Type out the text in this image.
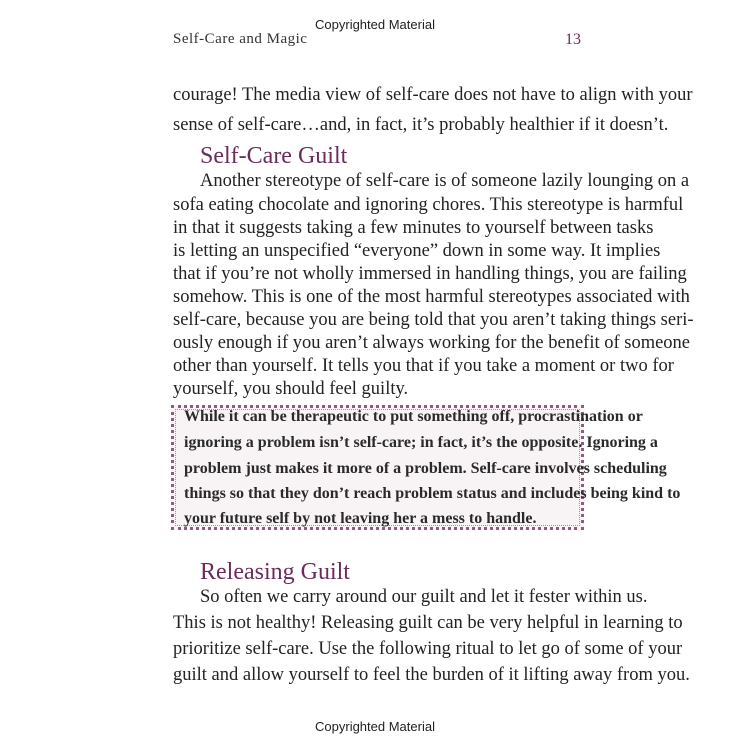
Copyrighted Material
Self-Care and Magic	13
courage! The media view of self-care does not have to align with your
sense of self-care…and, in fact, it’s probably healthier if it doesn’t.
Self-Care Guilt
Another stereotype of self-care is of someone lazily lounging on a
sofa eating chocolate and ignoring chores. This stereotype is harmful
in that it suggests taking a few minutes to yourself between tasks
is letting an unspecified “everyone” down in some way. It implies
that if you’re not wholly immersed in handling things, you are failing
somehow. This is one of the most harmful stereotypes associated with
self-care, because you are being told that you aren’t taking things seri-
ously enough if you aren’t always working for the benefit of someone
other than yourself. It tells you that if you take a moment or two for
While it can be therapeutic to put something off, procrastination or
ignoring a problem isn’t self-care; in fact, it’s the opposite. Ignoring a
problem just makes it more of a problem. Self-care involves scheduling
things so that they don’t reach problem status and includes being kind to
your future self by not leaving her a mess to handle.
Releasing Guilt
So often we carry around our guilt and let it fester within us.
This is not healthy! Releasing guilt can be very helpful in learning to
prioritize self-care. Use the following ritual to let go of some of your
guilt and allow yourself to feel the burden of it lifting away from you.
Copyrighted Material
yourself, you should feel guilty.
